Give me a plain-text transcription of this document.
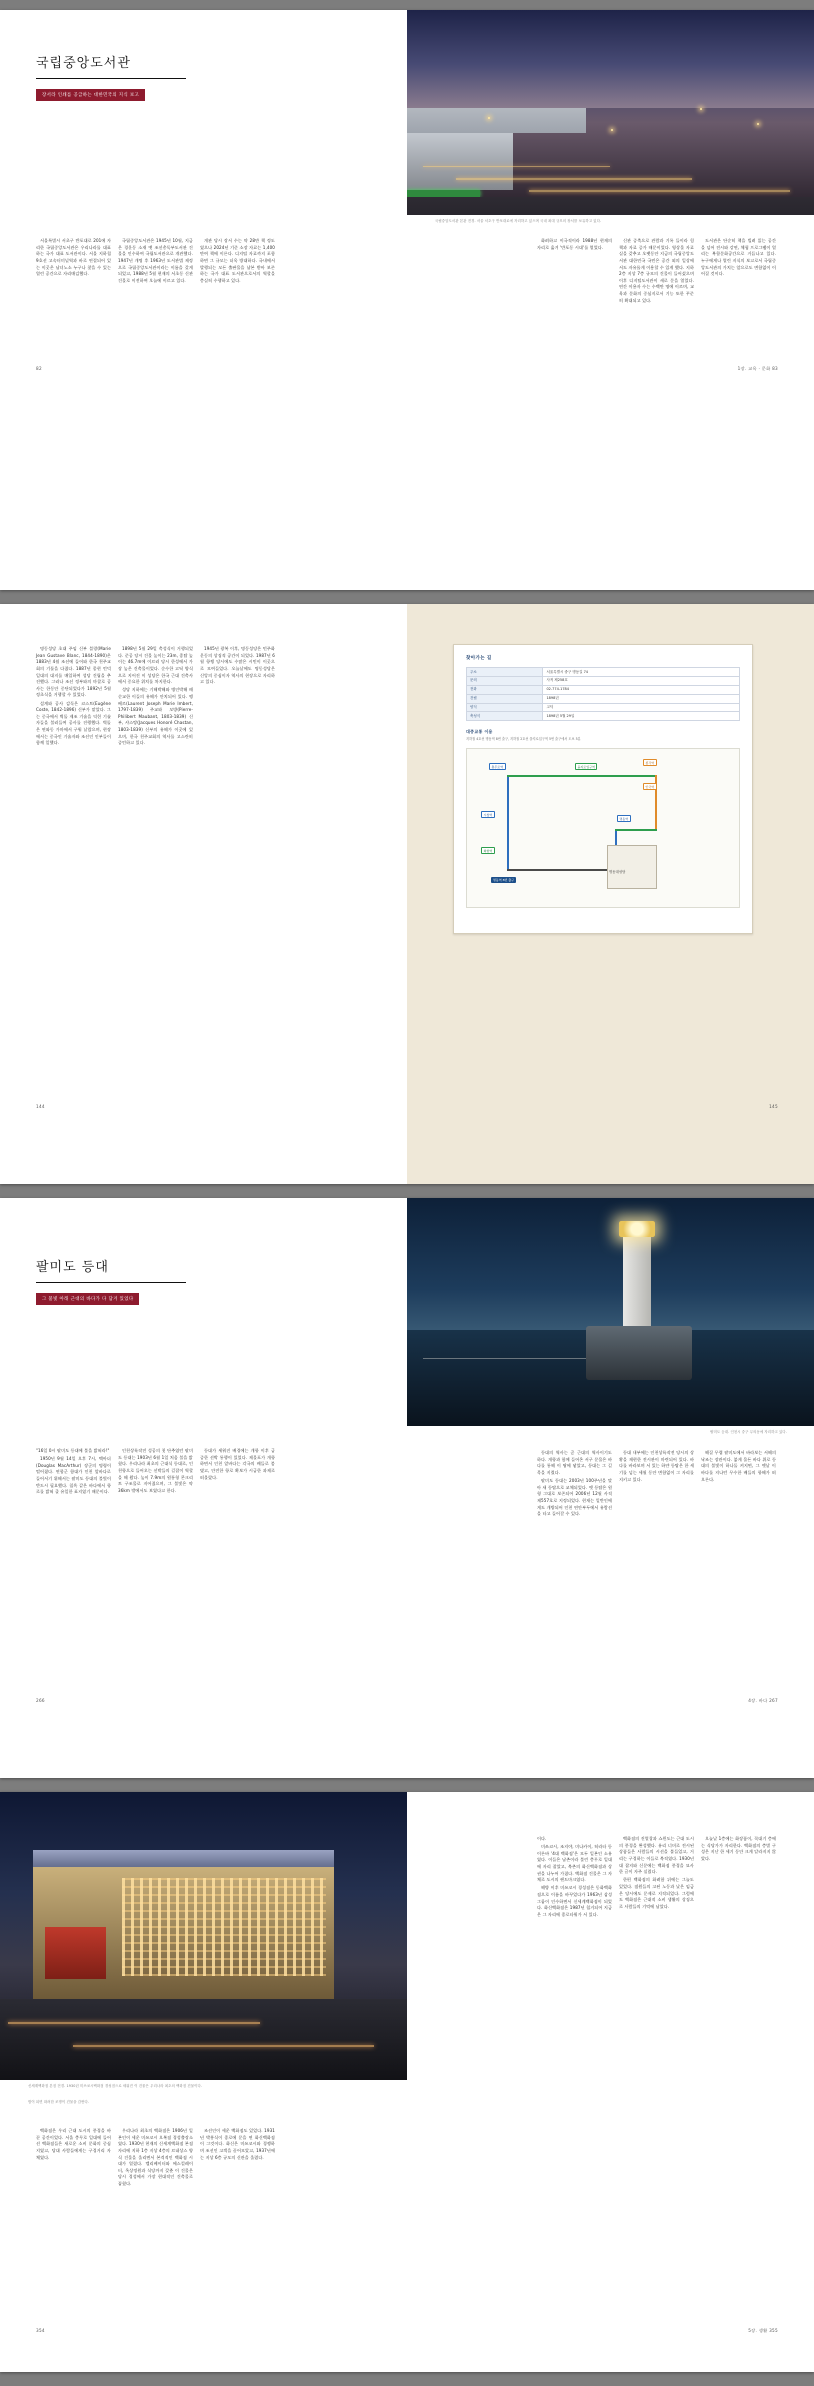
국립중앙도서관
장서라 인쇄를 공급하는 대한민국의 지식 보고

서울특별시 서초구 반포대로 201에 자리한 국립중앙도서관은 우리나라를 대표하는 국가 대표 도서관이다. 서울 지하철 9호선 고속터미널역과 바로 연결되어 있는 이곳은 남녀노소 누구나 찾을 수 있는 열린 공간으로 자리매김했다.

국립중앙도서관은 1945년 10월, 지금은 경운동 소재 옛 조선총독부도서관 건물을 인수하여 국립도서관으로 개관했다. 1947년 개명 후 1963년 도서관법 제정으로 국립중앙도서관이라는 이름을 갖게 되었고, 1988년 5월 현재의 서초동 신관 건물로 이전하여 오늘에 이르고 있다.

개관 당시 장서 수는 약 28만 책 정도였으나 2024년 기준 소장 자료는 1,400만여 책에 이른다. 디지털 자료까지 포함하면 그 규모는 더욱 방대하다. 국내에서 발행되는 모든 출판물을 납본 받아 보존하는 국가 대표 도서관으로서의 역할을 충실히 수행하고 있다.

82
국립중앙도서관 본관 전경. 서울 서초구 반포대로에 자리하고 있으며 국내 최대 규모의 장서를 보유하고 있다.

화려하고 이국적이라 1988년 현재의 자리로 옮겨 '반포동 시대'를 열었다.

신관 증축으로 관람과 기록 들이라 힘 책과 자료 증가 때문이었다. 영상물 자료실을 갖추고 오랫동안 지금의 국립중앙도서관 대한민국 국민은 공간 외의 일상에서도 자유롭게 이용할 수 있게 했다. 지하 2층 지상 7층 규모의 건물이 들어섰으며 이후 디지털도서관이 새로 문을 열었다. 연간 이용자 수는 수백만 명에 이르며, 교육과 문화의 중심지로서 기능 또한 꾸준히 확대되고 있다.

도서관은 단순히 책을 빌려 읽는 공간을 넘어 전시와 강연, 체험 프로그램이 열리는 복합문화공간으로 거듭나고 있다. 누구에게나 열린 지식의 보고로서 국립중앙도서관의 가치는 앞으로도 변함없이 이어질 것이다.

1장. 교육 · 문화 83

명동성당 초대 주임 신부 블랑(Marie Jean Gustave Blanc, 1844-1890)은 1883년 4월 조선에 들어와 한국 천주교회의 기틀을 다졌다. 1887년 종현 언덕 일대의 대지를 매입하여 성당 건립을 추진했다. 그러나 조선 정부와의 마찰로 공사는 한동안 중단되었다가 1892년 5월 정초식을 거행할 수 있었다.

설계와 공사 감독은 코스트(Eugène Coste, 1842-1896) 신부가 맡았다. 그는 중국에서 벽돌 제조 기술을 익힌 기술자들을 불러들여 공사를 진행했다. 벽돌은 연와동 가마에서 구워 날랐으며, 현장에서는 중국인 기술자와 조선인 인부들이 함께 일했다.

1898년 5월 29일 축성식이 거행되었다. 준공 당시 건물 높이는 23m, 종탑 높이는 46.7m에 이르러 당시 한성에서 가장 높은 건축물이었다. 순수한 고딕 양식으로 지어진 이 성당은 한국 근대 건축사에서 중요한 위치를 차지한다.

성당 지하에는 기해박해와 병인박해 때 순교한 이들의 유해가 안치되어 있다. 앵베르(Laurent Joseph Marie Imbert, 1797-1839) 주교와 모방(Pierre-Philibert Maubant, 1803-1839) 신부, 샤스탕(Jacques Honoré Chastan, 1803-1839) 신부의 유해가 이곳에 있으며, 한국 천주교회의 역사를 고스란히 증언하고 있다.

1945년 광복 이후, 명동성당은 민주화 운동의 상징적 공간이 되었다. 1987년 6월 항쟁 당시에도 수많은 시민이 이곳으로 모여들었다. 오늘날에도 명동성당은 신앙의 중심이자 역사의 현장으로 자리하고 있다.

144
찾아가는 길
주소	서울특별시 중구 명동길 74
문의	사적 제258호
전화	02-774-1784
건립	1898년
양식	고딕
축성식	1898년 5월 29일
대중교통 이용
지하철 4호선 명동역 8번 출구, 지하철 2호선 을지로입구역 5번 출구에서 도보 5분
충무로역	을지로입구역
종각역
안국역
시청역
회현역
명동역
명동대성당
명동역 8번 출구
145
팔미도 등대
그 불빛 아래 근대의 바다가 다 담겨 있었다

"16일 0시 팔미도 등대에 불을 밝혀라!"

1950년 9월 14일 오후 7시, 맥아더(Douglas MacArthur) 장군의 명령이 떨어졌다. 연합군 함대가 인천 앞바다로 들어서기 위해서는 팔미도 등대의 불빛이 반드시 필요했다. 칠흑 같은 바다에서 항로를 밝혀 줄 유일한 표지였기 때문이다.

인천상륙작전 성공의 첫 단추였던 팔미도 등대는 1903년 6월 1일 처음 불을 밝혔다. 우리나라 최초의 근대식 등대로, 인천항으로 들어오는 선박들의 길잡이 역할을 해 왔다. 높이 7.9m의 원통형 콘크리트 구조물로 지어졌으며, 그 불빛은 약 36km 밖에서도 보였다고 한다.

등대가 세워진 배경에는 개항 이후 급증한 선박 통행이 있었다. 제물포가 개항하면서 인천 앞바다는 각국의 배들로 붐볐고, 안전한 항로 확보가 시급한 과제로 떠올랐다.

266
팔미도 등대. 인천시 중구 무의동에 자리하고 있다.

등대의 역사는 곧 근대의 역사이기도 하다. 개항과 함께 들어온 서구 문물은 바다를 통해 이 땅에 닿았고, 등대는 그 길목을 지켰다.

팔미도 등대는 2003년 100주년을 맞아 새 등탑으로 교체되었다. 옛 등탑은 원형 그대로 보존되어 2006년 12월 사적 제557호로 지정되었다. 현재는 일반인에게도 개방되어 인천 연안부두에서 유람선을 타고 들어갈 수 있다.

등대 내부에는 인천상륙작전 당시의 상황을 재현한 전시관이 마련되어 있다. 바다를 바라보며 서 있는 하얀 등탑은 한 세기를 넘는 세월 동안 변함없이 그 자리를 지키고 있다.

해질 무렵 팔미도에서 바라보는 서해의 낙조는 장관이다. 붉게 물든 바다 위로 등대의 불빛이 하나둘 켜지면, 그 옛날 이 바다를 지나던 무수한 배들의 항해가 떠오른다.

4장. 바다 267
신세계백화점 본점 전경. 1930년 미쓰코시백화점 경성점으로 세워진 이 건물은 우리나라 최초의 백화점 건물이다.
밤이 되면 화려한 조명이 건물을 감싼다.

백화점은 우리 근대 도시의 풍경을 바꾼 공간이었다. 서울 충무로 일대에 들어선 백화점들은 새로운 소비 문화의 중심지였고, 당대 사람들에게는 구경거리 자체였다.

우리나라 최초의 백화점은 1906년 일본인이 세운 미쓰코시 오복점 경성출장소였다. 1930년 현재의 신세계백화점 본점 자리에 지하 1층 지상 4층의 르네상스 양식 건물을 올리면서 본격적인 백화점 시대가 열렸다. 엘리베이터와 에스컬레이터, 옥상정원과 식당까지 갖춘 이 건물은 당시 경성에서 가장 현대적인 건축물로 꼽혔다.

조선인이 세운 백화점도 있었다. 1931년 박흥식이 종로에 문을 연 화신백화점이 그것이다. 화신은 미쓰코시와 경쟁하며 조선인 고객을 끌어모았고, 1937년에는 지상 6층 규모의 신관을 올렸다.

354

이다.

미쓰코시, 조지야, 미나카이, 히라타 등 이른바 '4대 백화점'은 모두 일본인 소유였다. 이들은 남촌이라 불린 충무로 일대에 자리 잡았고, 북촌의 화신백화점과 상권을 나누어 가졌다. 백화점 건물은 그 자체로 도시의 랜드마크였다.

해방 이후 미쓰코시 경성점은 동화백화점으로 이름을 바꾸었다가 1963년 삼성그룹이 인수하면서 신세계백화점이 되었다. 화신백화점은 1987년 철거되어 지금은 그 자리에 종로타워가 서 있다.

백화점의 진열창과 쇼윈도는 근대 도시의 풍경을 완성했다. 유리 너머로 전시된 상품들은 사람들의 시선을 붙들었고, 거리는 구경하는 이들로 북적였다. 1930년대 잡지와 신문에는 백화점 풍경을 묘사한 글이 자주 실렸다.

한편 백화점의 화려함 뒤에는 그늘도 있었다. 점원들의 고된 노동과 낮은 임금은 당시에도 문제로 지적되었다. 그럼에도 백화점은 근대적 소비 생활의 상징으로 사람들의 기억에 남았다.

오늘날 1층에는 화장품이, 꼭대기 층에는 식당가가 자리한다. 백화점의 층별 구성은 지난 한 세기 동안 크게 달라지지 않았다.

5장. 생활 355
